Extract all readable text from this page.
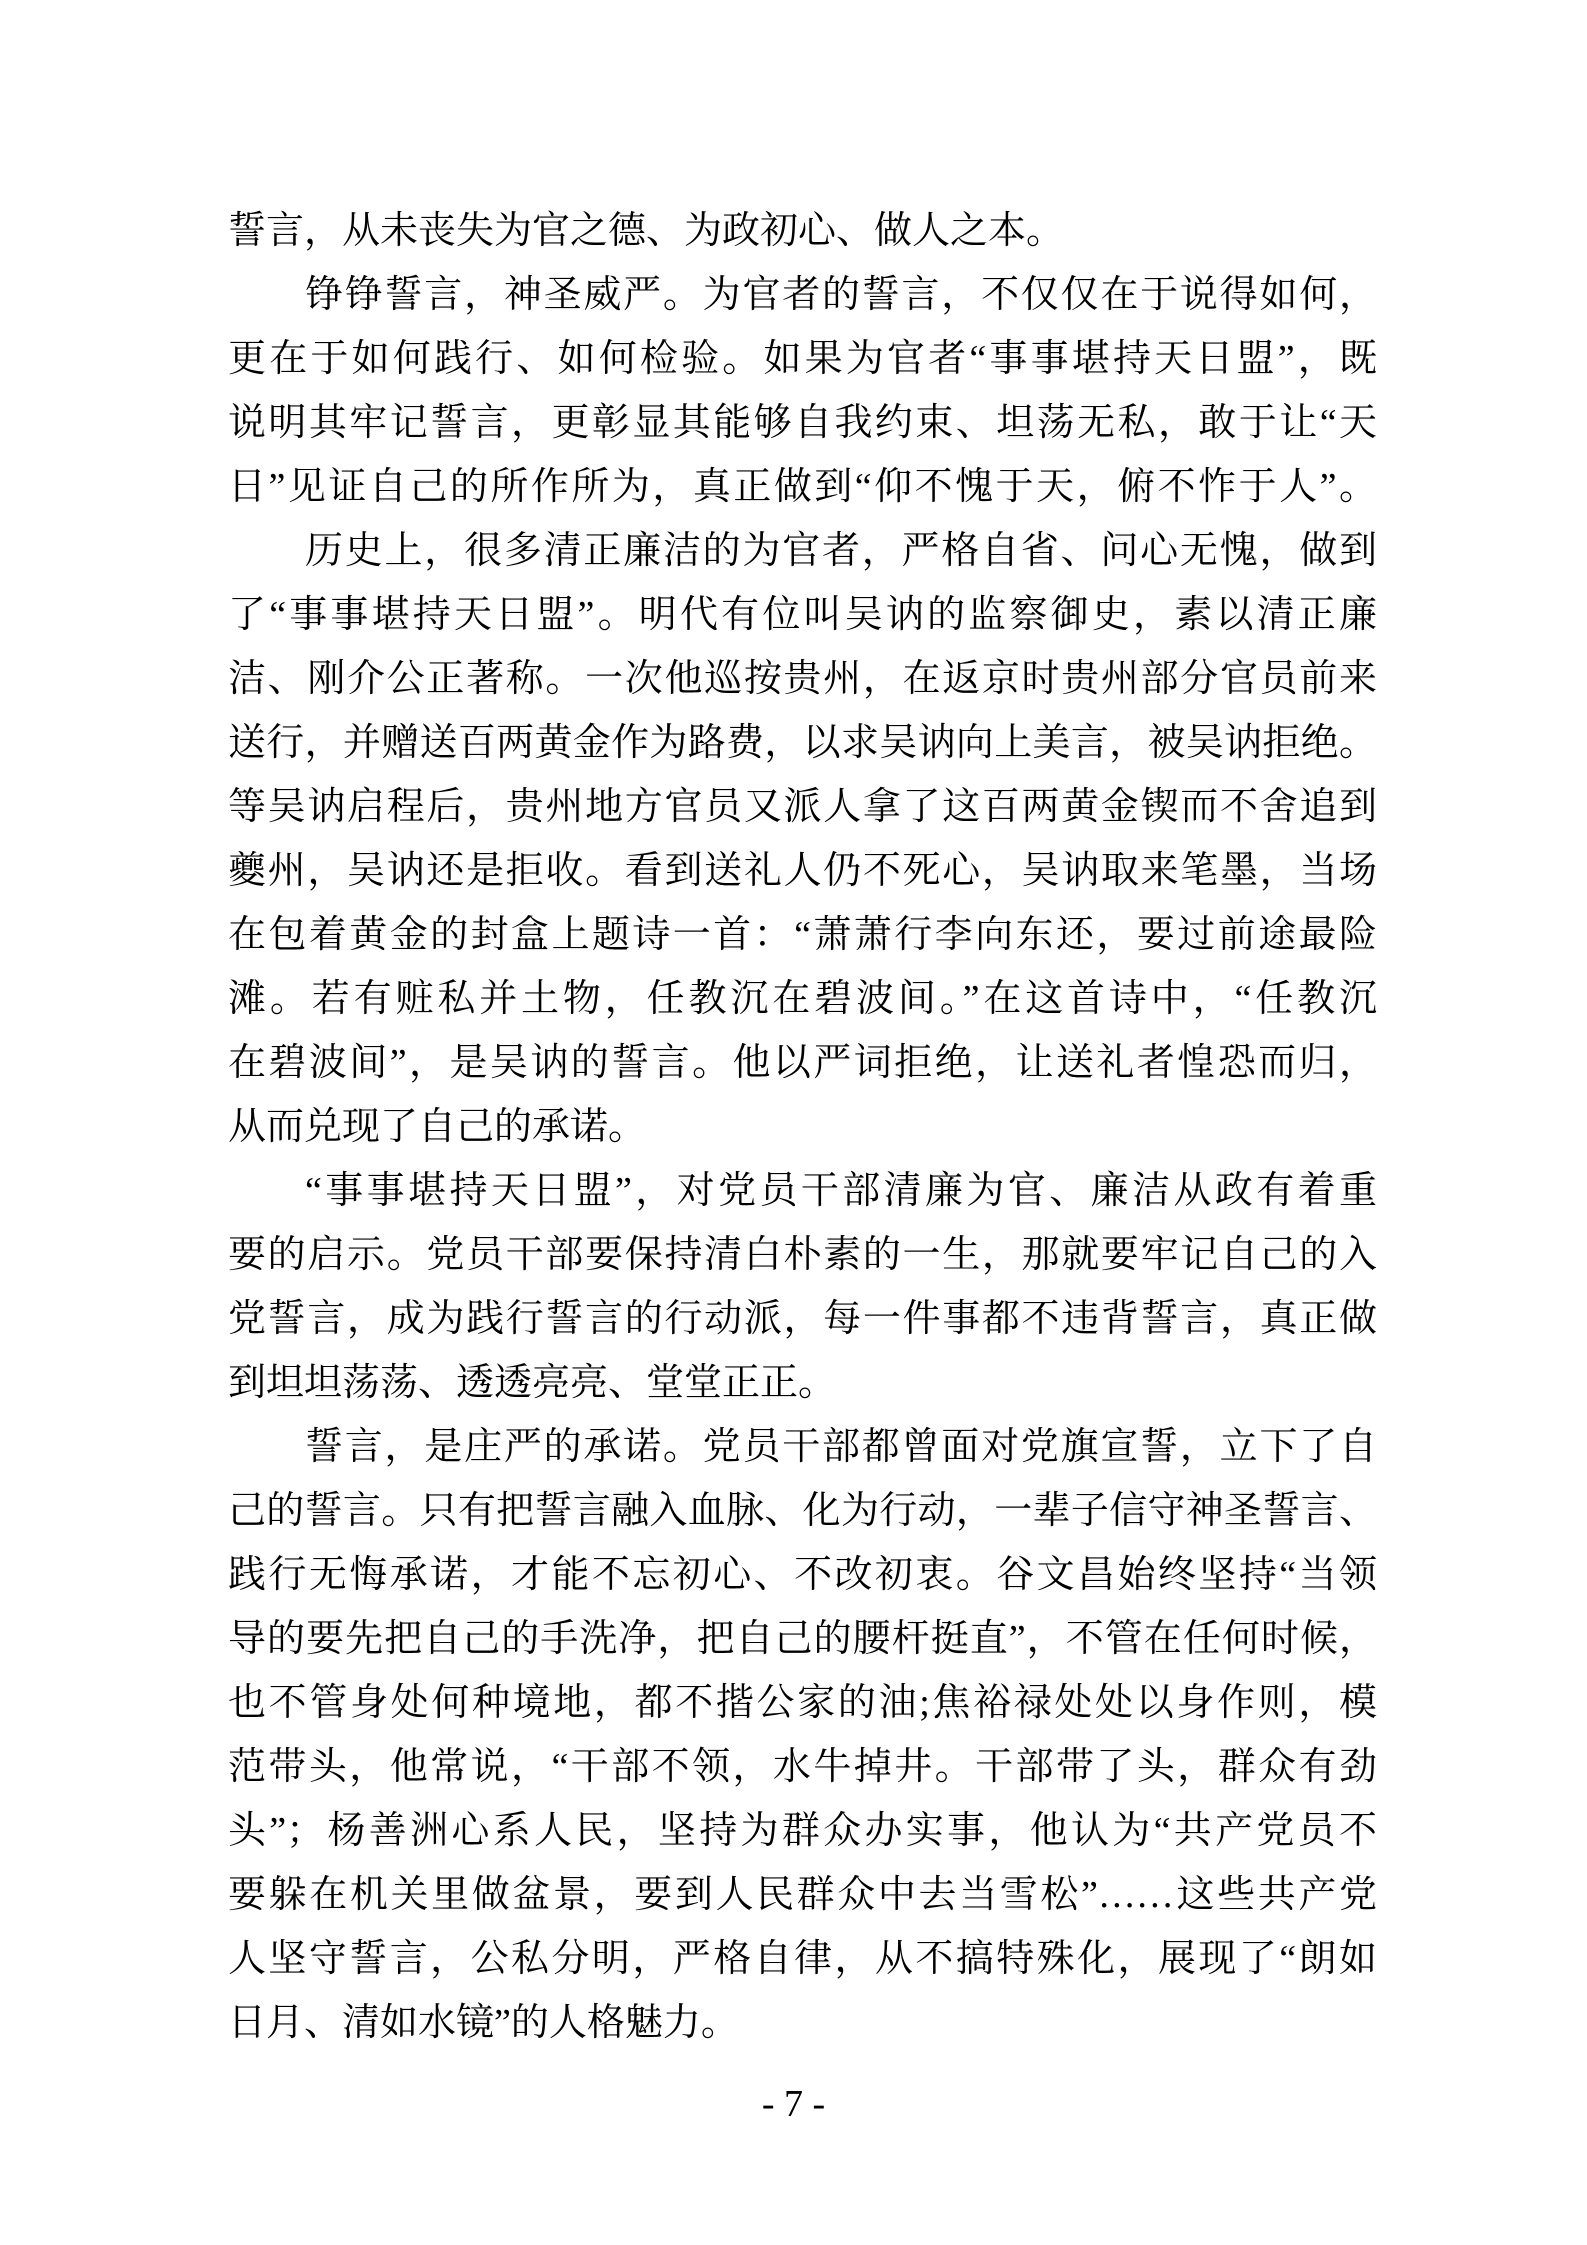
誓言，从未丧失为官之德、为政初心、做人之本。
铮铮誓言，神圣威严。为官者的誓言，不仅仅在于说得如何，
更在于如何践行、如何检验。如果为官者“事事堪持天日盟”，既
说明其牢记誓言，更彰显其能够自我约束、坦荡无私，敢于让“天
日”见证自己的所作所为，真正做到“仰不愧于天，俯不怍于人”。
历史上，很多清正廉洁的为官者，严格自省、问心无愧，做到
了“事事堪持天日盟”。明代有位叫吴讷的监察御史，素以清正廉
洁、刚介公正著称。一次他巡按贵州，在返京时贵州部分官员前来
送行，并赠送百两黄金作为路费，以求吴讷向上美言，被吴讷拒绝。
等吴讷启程后，贵州地方官员又派人拿了这百两黄金锲而不舍追到
夔州，吴讷还是拒收。看到送礼人仍不死心，吴讷取来笔墨，当场
在包着黄金的封盒上题诗一首：“萧萧行李向东还，要过前途最险
滩。若有赃私并土物，任教沉在碧波间。”在这首诗中，“任教沉
在碧波间”，是吴讷的誓言。他以严词拒绝，让送礼者惶恐而归，
从而兑现了自己的承诺。
“事事堪持天日盟”，对党员干部清廉为官、廉洁从政有着重
要的启示。党员干部要保持清白朴素的一生，那就要牢记自己的入
党誓言，成为践行誓言的行动派，每一件事都不违背誓言，真正做
到坦坦荡荡、透透亮亮、堂堂正正。
誓言，是庄严的承诺。党员干部都曾面对党旗宣誓，立下了自
己的誓言。只有把誓言融入血脉、化为行动，一辈子信守神圣誓言、
践行无悔承诺，才能不忘初心、不改初衷。谷文昌始终坚持“当领
导的要先把自己的手洗净，把自己的腰杆挺直”，不管在任何时候，
也不管身处何种境地，都不揩公家的油;焦裕禄处处以身作则，模
范带头，他常说，“干部不领，水牛掉井。干部带了头，群众有劲
头”；杨善洲心系人民，坚持为群众办实事，他认为“共产党员不
要躲在机关里做盆景，要到人民群众中去当雪松”……这些共产党
人坚守誓言，公私分明，严格自律，从不搞特殊化，展现了“朗如
日月、清如水镜”的人格魅力。
- 7 -
